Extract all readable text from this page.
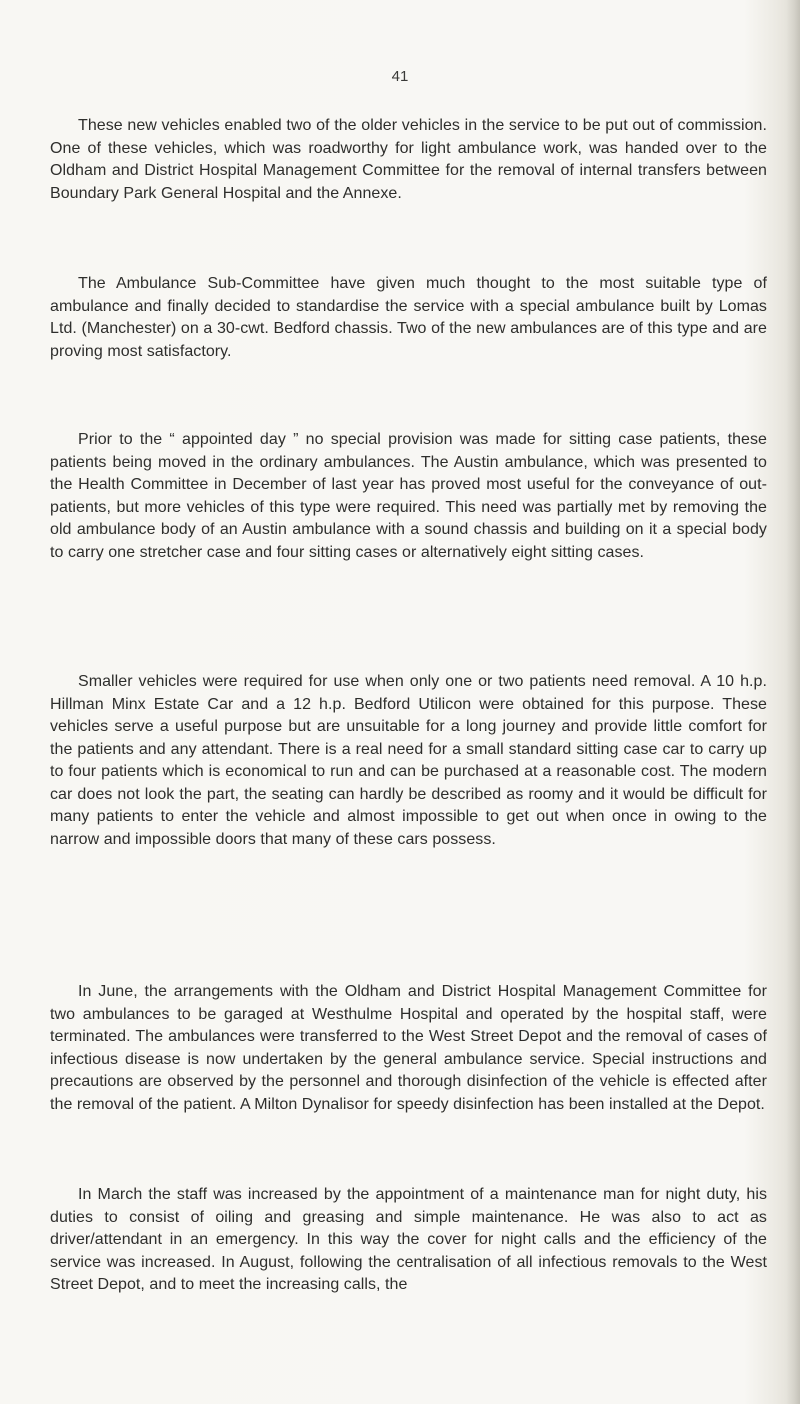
41

These new vehicles enabled two of the older vehicles in the service to be put out of commission. One of these vehicles, which was roadworthy for light ambulance work, was handed over to the Oldham and District Hospital Management Committee for the removal of internal transfers between Boundary Park General Hospital and the Annexe.

The Ambulance Sub-Committee have given much thought to the most suitable type of ambulance and finally decided to standardise the service with a special ambulance built by Lomas Ltd. (Manchester) on a 30-cwt. Bedford chassis. Two of the new ambulances are of this type and are proving most satisfactory.

Prior to the “ appointed day ” no special provision was made for sitting case patients, these patients being moved in the ordinary ambulances. The Austin ambulance, which was presented to the Health Committee in December of last year has proved most useful for the conveyance of out-patients, but more vehicles of this type were required. This need was partially met by removing the old ambulance body of an Austin ambulance with a sound chassis and building on it a special body to carry one stretcher case and four sitting cases or alternatively eight sitting cases.

Smaller vehicles were required for use when only one or two patients need removal. A 10 h.p. Hillman Minx Estate Car and a 12 h.p. Bedford Utilicon were obtained for this purpose. These vehicles serve a useful purpose but are unsuitable for a long journey and provide little comfort for the patients and any attendant. There is a real need for a small standard sitting case car to carry up to four patients which is economical to run and can be purchased at a reasonable cost. The modern car does not look the part, the seating can hardly be described as roomy and it would be difficult for many patients to enter the vehicle and almost impossible to get out when once in owing to the narrow and impossible doors that many of these cars possess.

In June, the arrangements with the Oldham and District Hospital Management Committee for two ambulances to be garaged at Westhulme Hospital and operated by the hospital staff, were terminated. The ambulances were transferred to the West Street Depot and the removal of cases of infectious disease is now undertaken by the general ambulance service. Special instructions and precautions are observed by the personnel and thorough disinfection of the vehicle is effected after the removal of the patient. A Milton Dynalisor for speedy disinfection has been installed at the Depot.

In March the staff was increased by the appointment of a maintenance man for night duty, his duties to consist of oiling and greasing and simple maintenance. He was also to act as driver/attendant in an emergency. In this way the cover for night calls and the efficiency of the service was increased. In August, following the centralisation of all infectious removals to the West Street Depot, and to meet the increasing calls, the
